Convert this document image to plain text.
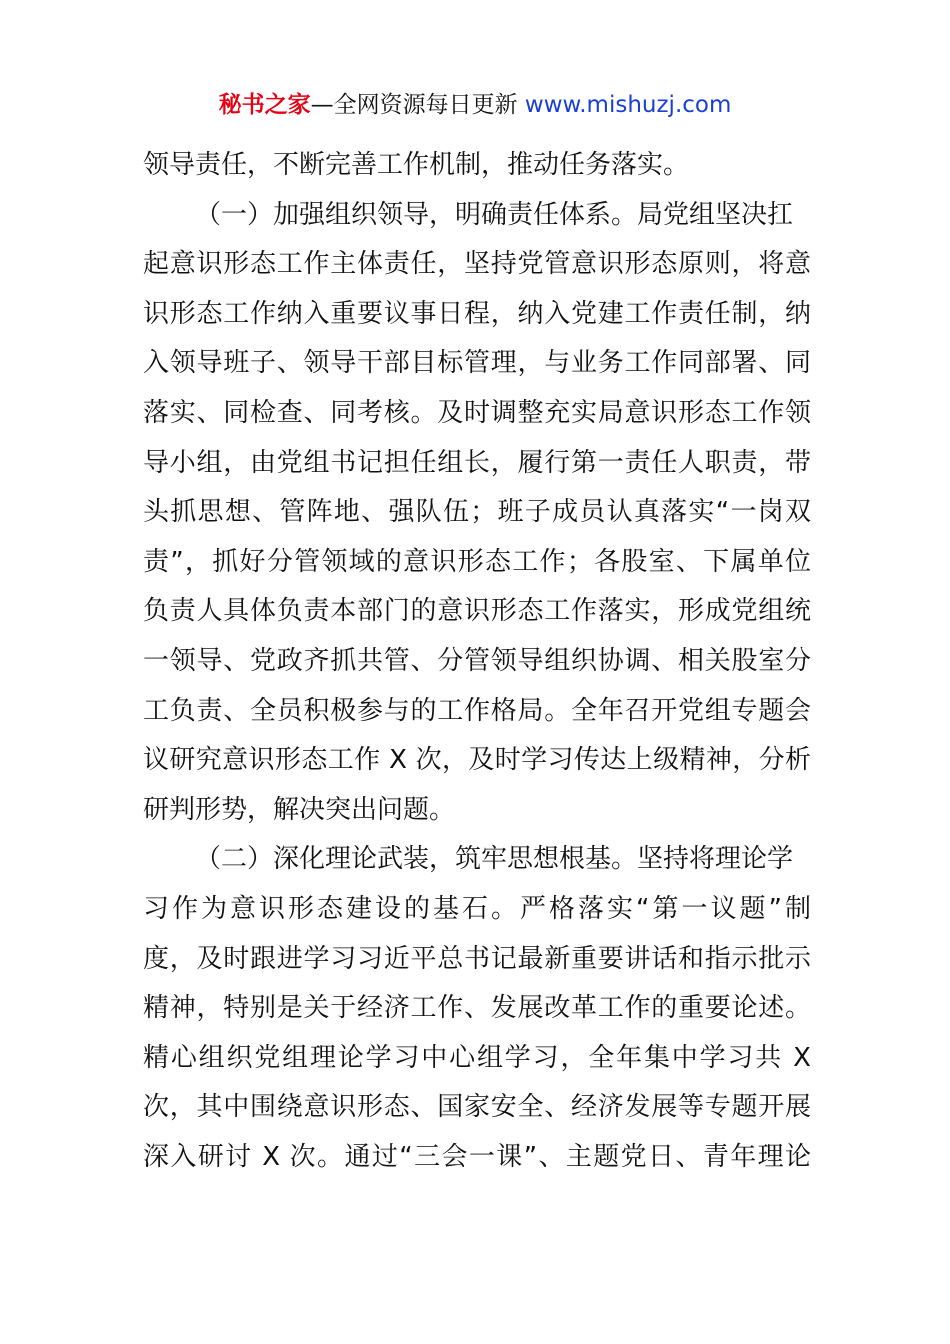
秘书之家—全网资源每日更新 www.mishuzj.com
领导责任，不断完善工作机制，推动任务落实。
（一）加强组织领导，明确责任体系。局党组坚决扛
起意识形态工作主体责任，坚持党管意识形态原则，将意
识形态工作纳入重要议事日程，纳入党建工作责任制，纳
入领导班子、领导干部目标管理，与业务工作同部署、同
落实、同检查、同考核。及时调整充实局意识形态工作领
导小组，由党组书记担任组长，履行第一责任人职责，带
头抓思想、管阵地、强队伍；班子成员认真落实“一岗双
责”，抓好分管领域的意识形态工作；各股室、下属单位
负责人具体负责本部门的意识形态工作落实，形成党组统
一领导、党政齐抓共管、分管领导组织协调、相关股室分
工负责、全员积极参与的工作格局。全年召开党组专题会
议研究意识形态工作 X 次，及时学习传达上级精神，分析
研判形势，解决突出问题。
（二）深化理论武装，筑牢思想根基。坚持将理论学
习作为意识形态建设的基石。严格落实“第一议题”制
度，及时跟进学习习近平总书记最新重要讲话和指示批示
精神，特别是关于经济工作、发展改革工作的重要论述。
精心组织党组理论学习中心组学习，全年集中学习共 X
次，其中围绕意识形态、国家安全、经济发展等专题开展
深入研讨 X 次。通过“三会一课”、主题党日、青年理论
